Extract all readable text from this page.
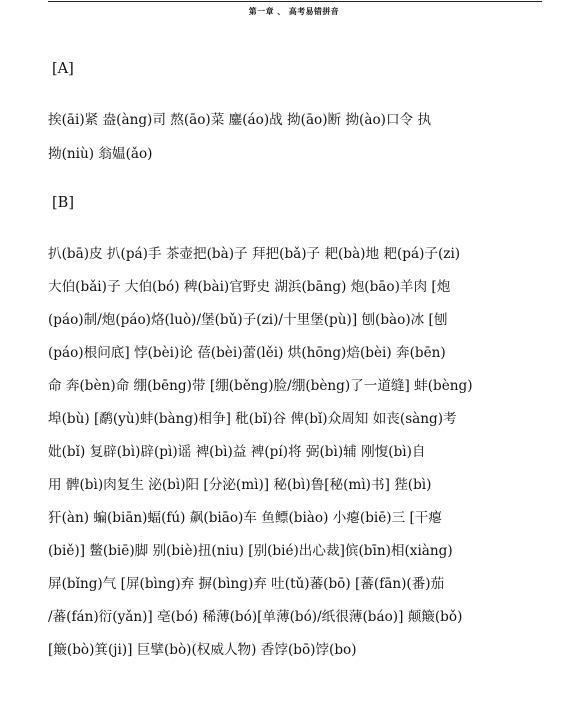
第一章 、 高考易错拼音
[A]
挨(āi)紧 盎(àng)司 熬(āo)菜 鏖(áo)战 拗(āo)断 拗(ào)口令 执
拗(niù) 翁媪(ǎo)
[B]
扒(bā)皮 扒(pá)手 茶壶把(bà)子 拜把(bǎ)子 耙(bà)地 耙(pá)子(zi)
大伯(bǎi)子 大伯(bó) 稗(bài)官野史 湖浜(bāng) 炮(bāo)羊肉 [炮
(páo)制/炮(páo)烙(luò)/堡(bǔ)子(zi)/十里堡(pù)] 刨(bào)冰 [刨
(páo)根问底] 悖(bèi)论 蓓(bèi)蕾(lěi) 烘(hōng)焙(bèi) 奔(bēn)
命 奔(bèn)命 绷(bēng)带 [绷(běng)脸/绷(bèng)了一道缝] 蚌(bèng)
埠(bù) [鹬(yù)蚌(bàng)相争] 秕(bǐ)谷 俾(bǐ)众周知 如丧(sàng)考
妣(bǐ) 复辟(bì)辟(pì)谣 裨(bì)益 裨(pí)将 弼(bì)辅 刚愎(bì)自
用 髀(bì)肉复生 泌(bì)阳 [分泌(mì)] 秘(bì)鲁[秘(mì)书] 狴(bì)
犴(àn) 蝙(biān)蝠(fú) 飙(biāo)车 鱼鳔(biào) 小瘪(biē)三 [干瘪
(biě)] 鳖(biē)脚 别(biè)扭(niu) [别(bié)出心裁]傧(bīn)相(xiàng)
屏(bǐng)气 [屏(bìng)弃 摒(bìng)弃 吐(tǔ)蕃(bō) [蕃(fān)(番)茄
/蕃(fán)衍(yǎn)] 亳(bó) 稀薄(bó)[单薄(bó)/纸很薄(báo)] 颠簸(bǒ)
[簸(bò)箕(ji)] 巨擘(bò)(权威人物) 香饽(bō)饽(bo)
